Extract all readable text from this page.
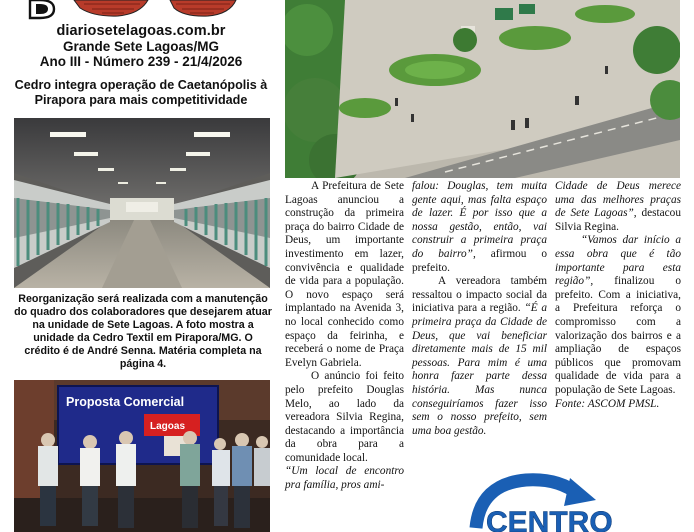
diariosetelagoas.com.br
Grande Sete Lagoas/MG
Ano III - Número 239 - 21/4/2026
Cedro integra operação de Caetanópolis à Pirapora para mais competitividade
Reorganização será realizada com a manutenção do quadro dos colaboradores que desejarem atuar na unidade de Sete Lagoas. A foto mostra a unidade da Cedro Textil em Pirapora/MG. O crédito é de André Senna. Matéria completa na página 4.
Proposta Comercial
Lagoas

A Prefeitura de Sete Lagoas anunciou a construção da primeira praça do bairro Cidade de Deus, um importante investimento em lazer, convivência e qualidade de vida para a população. O novo espaço será implantado na Avenida 3, no local conhecido como espaço da feirinha, e receberá o nome de Praça Evelyn Gabriela.

O anúncio foi feito pelo prefeito Douglas Melo, ao lado da vereadora Silvia Regina, destacando a importância da obra para a comunidade local.

“Um local de encontro pra família, pros ami-

falou: Douglas, tem muita gente aqui, mas falta espaço de lazer. É por isso que a nossa gestão, então, vai construir a primeira praça do bairro”, afirmou o prefeito.

A vereadora também ressaltou o impacto social da iniciativa para a região. “É a primeira praça da Cidade de Deus, que vai beneficiar diretamente mais de 15 mil pessoas. Para mim é uma honra fazer parte dessa história. Mas nunca conseguiríamos fazer isso sem o nosso prefeito, sem uma boa gestão.

Cidade de Deus merece uma das melhores praças de Sete Lagoas”, destacou Silvia Regina.

“Vamos dar início a essa obra que é tão importante para esta região”, finalizou o prefeito. Com a iniciativa, a Prefeitura reforça o compromisso com a valorização dos bairros e a ampliação de espaços públicos que promovam qualidade de vida para a população de Sete Lagoas.

Fonte: ASCOM PMSL.

CENTRO
